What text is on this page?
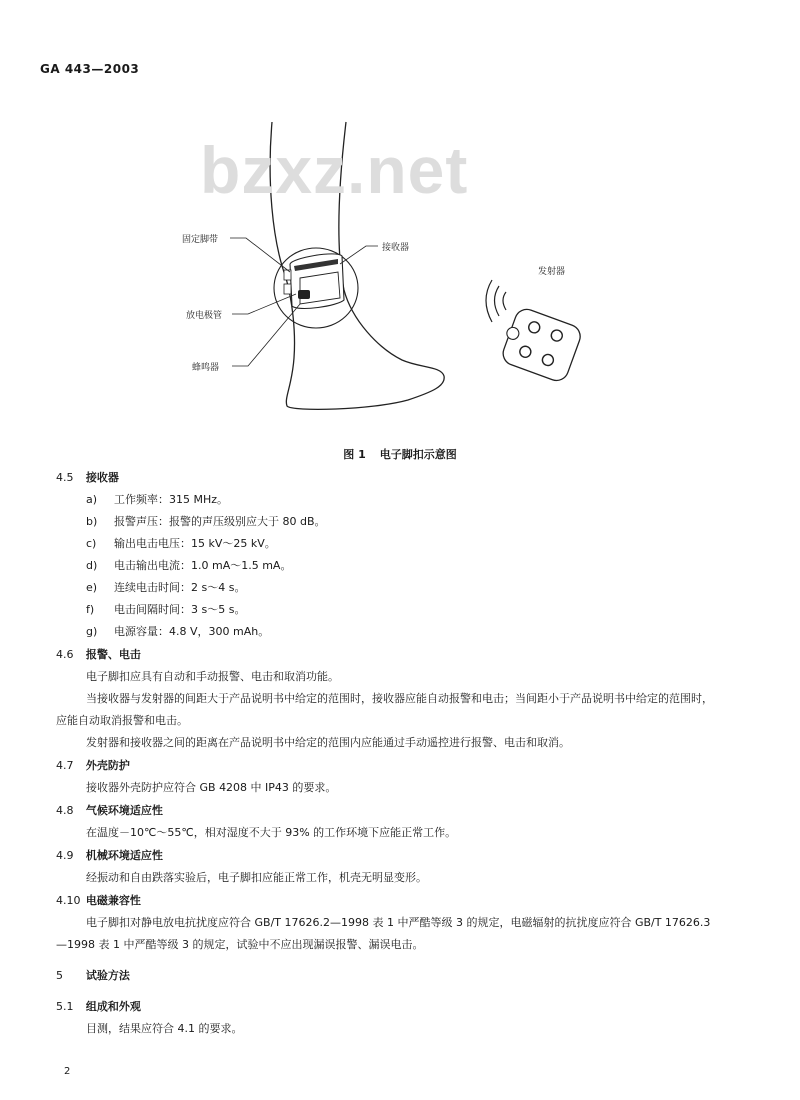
GA 443—2003
固定脚带
接收器
发射器
放电极管
蜂鸣器
bzxz.net
图 1 电子脚扣示意图
4.5 接收器
a) 工作频率：315 MHz。
b) 报警声压：报警的声压级别应大于 80 dB。
c) 输出电击电压：15 kV～25 kV。
d) 电击输出电流：1.0 mA～1.5 mA。
e) 连续电击时间：2 s～4 s。
f) 电击间隔时间：3 s～5 s。
g) 电源容量：4.8 V，300 mAh。
4.6 报警、电击
电子脚扣应具有自动和手动报警、电击和取消功能。
当接收器与发射器的间距大于产品说明书中给定的范围时，接收器应能自动报警和电击；当间距小于产品说明书中给定的范围时，应能自动取消报警和电击。
发射器和接收器之间的距离在产品说明书中给定的范围内应能通过手动遥控进行报警、电击和取消。
4.7 外壳防护
接收器外壳防护应符合 GB 4208 中 IP43 的要求。
4.8 气候环境适应性
在温度－10℃～55℃，相对湿度不大于 93% 的工作环境下应能正常工作。
4.9 机械环境适应性
经振动和自由跌落实验后，电子脚扣应能正常工作，机壳无明显变形。
4.10 电磁兼容性
电子脚扣对静电放电抗扰度应符合 GB/T 17626.2—1998 表 1 中严酷等级 3 的规定，电磁辐射的抗扰度应符合 GB/T 17626.3—1998 表 1 中严酷等级 3 的规定，试验中不应出现漏误报警、漏误电击。
5 试验方法
5.1 组成和外观
目测，结果应符合 4.1 的要求。
2
